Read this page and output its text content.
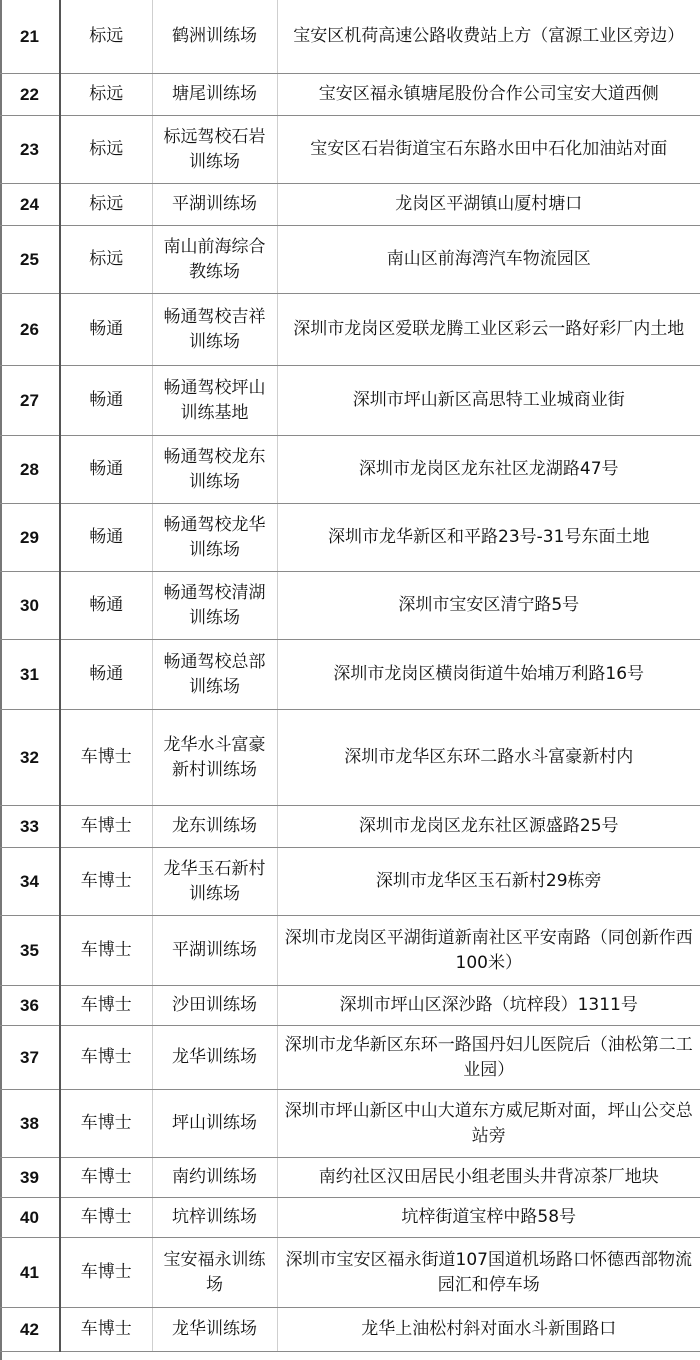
21	标远	鹤洲训练场	宝安区机荷高速公路收费站上方（富源工业区旁边）
22	标远	塘尾训练场	宝安区福永镇塘尾股份合作公司宝安大道西侧
23	标远	标远驾校石岩训练场	宝安区石岩街道宝石东路水田中石化加油站对面
24	标远	平湖训练场	龙岗区平湖镇山厦村塘口
25	标远	南山前海综合教练场	南山区前海湾汽车物流园区
26	畅通	畅通驾校吉祥训练场	深圳市龙岗区爱联龙腾工业区彩云一路好彩厂内土地
27	畅通	畅通驾校坪山训练基地	深圳市坪山新区高思特工业城商业街
28	畅通	畅通驾校龙东训练场	深圳市龙岗区龙东社区龙湖路47号
29	畅通	畅通驾校龙华训练场	深圳市龙华新区和平路23号-31号东面土地
30	畅通	畅通驾校清湖训练场	深圳市宝安区清宁路5号
31	畅通	畅通驾校总部训练场	深圳市龙岗区横岗街道牛始埔万利路16号
32	车博士	龙华水斗富豪新村训练场	深圳市龙华区东环二路水斗富豪新村内
33	车博士	龙东训练场	深圳市龙岗区龙东社区源盛路25号
34	车博士	龙华玉石新村训练场	深圳市龙华区玉石新村29栋旁
35	车博士	平湖训练场	深圳市龙岗区平湖街道新南社区平安南路（同创新作西100米）
36	车博士	沙田训练场	深圳市坪山区深沙路（坑梓段）1311号
37	车博士	龙华训练场	深圳市龙华新区东环一路国丹妇儿医院后（油松第二工业园）
38	车博士	坪山训练场	深圳市坪山新区中山大道东方威尼斯对面，坪山公交总站旁
39	车博士	南约训练场	南约社区汉田居民小组老围头井背凉茶厂地块
40	车博士	坑梓训练场	坑梓街道宝梓中路58号
41	车博士	宝安福永训练场	深圳市宝安区福永街道107国道机场路口怀德西部物流园汇和停车场
42	车博士	龙华训练场	龙华上油松村斜对面水斗新围路口
